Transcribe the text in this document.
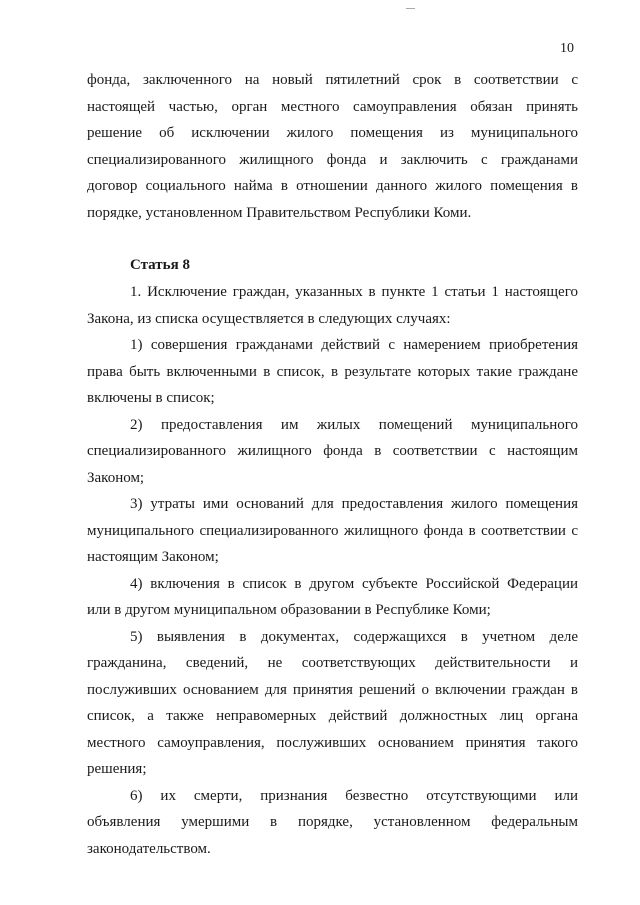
10

фонда, заключенного на новый пятилетний срок в соответствии с

настоящей частью, орган местного самоуправления обязан принять

решение об исключении жилого помещения из муниципального

специализированного жилищного фонда и заключить с гражданами

договор социального найма в отношении данного жилого помещения в

порядке, установленном Правительством Республики Коми.

Статья 8

1. Исключение граждан, указанных в пункте 1 статьи 1 настоящего

Закона, из списка осуществляется в следующих случаях:

1) совершения гражданами действий с намерением приобретения

права быть включенными в список, в результате которых такие граждане

включены в список;

2) предоставления им жилых помещений муниципального

специализированного жилищного фонда в соответствии с настоящим

Законом;

3) утраты ими оснований для предоставления жилого помещения

муниципального специализированного жилищного фонда в соответствии с

настоящим Законом;

4) включения в список в другом субъекте Российской Федерации

или в другом муниципальном образовании в Республике Коми;

5) выявления в документах, содержащихся в учетном деле

гражданина, сведений, не соответствующих действительности и

послуживших основанием для принятия решений о включении граждан в

список, а также неправомерных действий должностных лиц органа

местного самоуправления, послуживших основанием принятия такого

решения;

6) их смерти, признания безвестно отсутствующими или

объявления умершими в порядке, установленном федеральным

законодательством.
